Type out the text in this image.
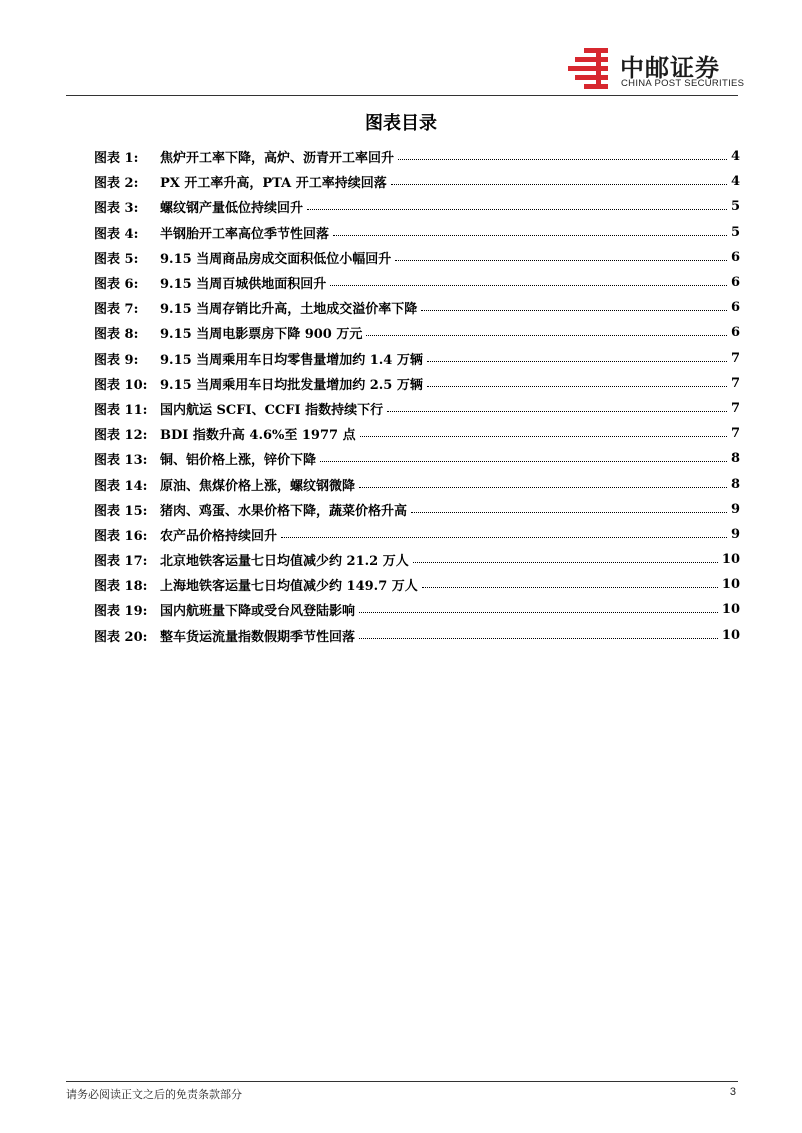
中邮证券
CHINA POST SECURITIES
图表目录
图表 1:	焦炉开工率下降，高炉、沥青开工率回升	4
图表 2:	PX 开工率升高，PTA 开工率持续回落	4
图表 3:	螺纹钢产量低位持续回升	5
图表 4:	半钢胎开工率高位季节性回落	5
图表 5:	9.15 当周商品房成交面积低位小幅回升	6
图表 6:	9.15 当周百城供地面积回升	6
图表 7:	9.15 当周存销比升高，土地成交溢价率下降	6
图表 8:	9.15 当周电影票房下降 900 万元	6
图表 9:	9.15 当周乘用车日均零售量增加约 1.4 万辆	7
图表 10: 9.15 当周乘用车日均批发量增加约 2.5 万辆	7
图表 11: 国内航运 SCFI、CCFI 指数持续下行	7
图表 12: BDI 指数升高 4.6%至 1977 点	7
图表 13: 铜、铝价格上涨，锌价下降	8
图表 14: 原油、焦煤价格上涨，螺纹钢微降	8
图表 15: 猪肉、鸡蛋、水果价格下降，蔬菜价格升高	9
图表 16: 农产品价格持续回升	9
图表 17: 北京地铁客运量七日均值减少约 21.2 万人	10
图表 18: 上海地铁客运量七日均值减少约 149.7 万人	10
图表 19: 国内航班量下降或受台风登陆影响	10
图表 20: 整车货运流量指数假期季节性回落	10
请务必阅读正文之后的免责条款部分	3
